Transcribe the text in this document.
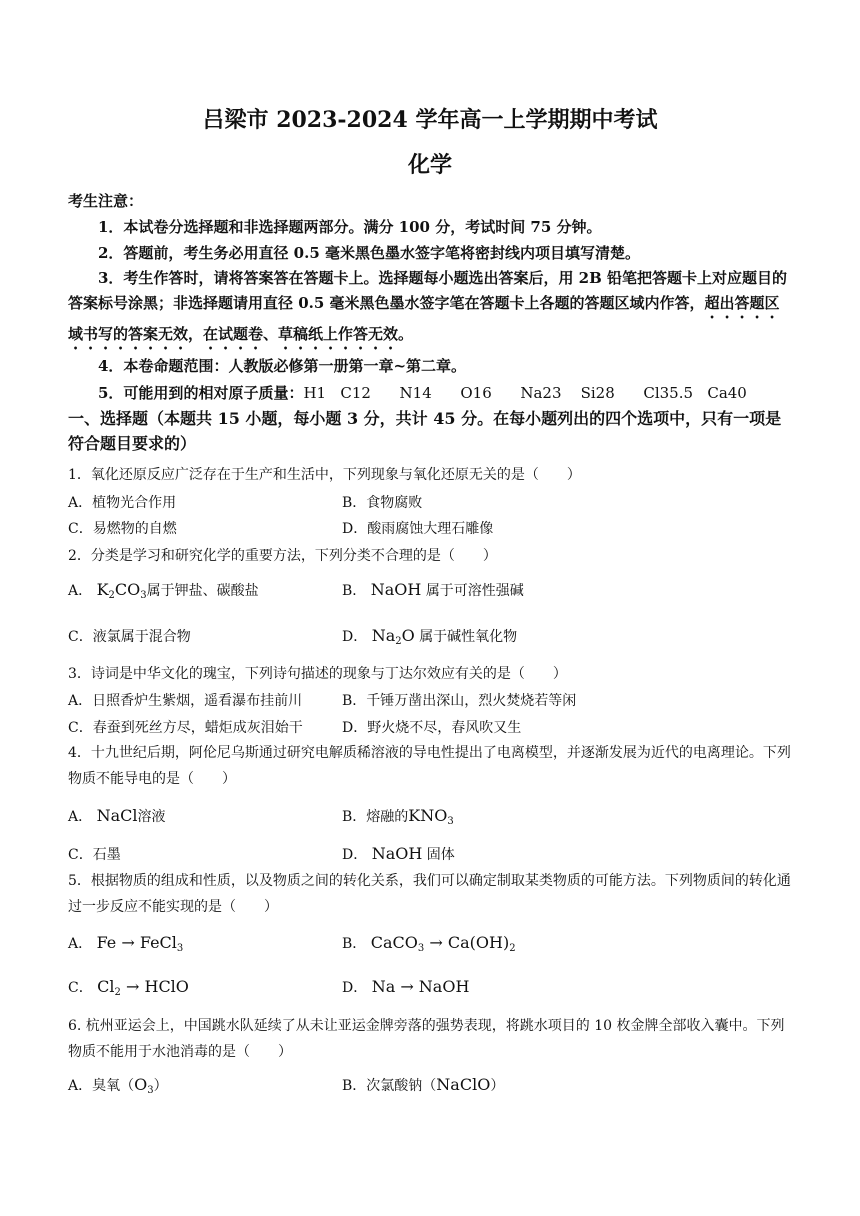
吕梁市 2023-2024 学年高一上学期期中考试
化学
考生注意：
1．本试卷分选择题和非选择题两部分。满分 100 分，考试时间 75 分钟。
2．答题前，考生务必用直径 0.5 毫米黑色墨水签字笔将密封线内项目填写清楚。
3．考生作答时，请将答案答在答题卡上。选择题每小题选出答案后，用 2B 铅笔把答题卡上对应题目的答案标号涂黑；非选择题请用直径 0.5 毫米黑色墨水签字笔在答题卡上各题的答题区域内作答，超出答题区域书写的答案无效，在试题卷、草稿纸上作答无效。
4．本卷命题范围：人教版必修第一册第一章~第二章。
5．可能用到的相对原子质量：H1   C12      N14      O16      Na23    Si28      Cl35.5   Ca40
一、选择题（本题共 15 小题，每小题 3 分，共计 45 分。在每小题列出的四个选项中，只有一项是符合题目要求的）
1．氧化还原反应广泛存在于生产和生活中，下列现象与氧化还原无关的是（　　）
A．植物光合作用	B．食物腐败
C．易燃物的自燃	D．酸雨腐蚀大理石雕像
2．分类是学习和研究化学的重要方法，下列分类不合理的是（　　）
A． $K_2CO_3$属于钾盐、碳酸盐	B． NaOH 属于可溶性强碱
C．液氯属于混合物	D． $Na_2O$ 属于碱性氧化物
3．诗词是中华文化的瑰宝，下列诗句描述的现象与丁达尔效应有关的是（　　）
A．日照香炉生紫烟，遥看瀑布挂前川	B．千锤万凿出深山，烈火焚烧若等闲
C．春蚕到死丝方尽，蜡炬成灰泪始干	D．野火烧不尽，春风吹又生
4．十九世纪后期，阿伦尼乌斯通过研究电解质稀溶液的导电性提出了电离模型，并逐渐发展为近代的电离理论。下列物质不能导电的是（　　）
A． NaCl溶液	B．熔融的$KNO_3$
C．石墨	D． NaOH 固体
5．根据物质的组成和性质，以及物质之间的转化关系，我们可以确定制取某类物质的可能方法。下列物质间的转化通过一步反应不能实现的是（　　）
A． Fe → FeCl$_3$	B． CaCO$_3$ → $Ca(OH)_2$
C． $Cl_2$ → HClO	D． Na → NaOH
6. 杭州亚运会上，中国跳水队延续了从未让亚运金牌旁落的强势表现，将跳水项目的 10 枚金牌全部收入囊中。下列物质不能用于水池消毒的是（　　）
A．臭氧$(O_3)$	B．次氯酸钠（NaClO）
